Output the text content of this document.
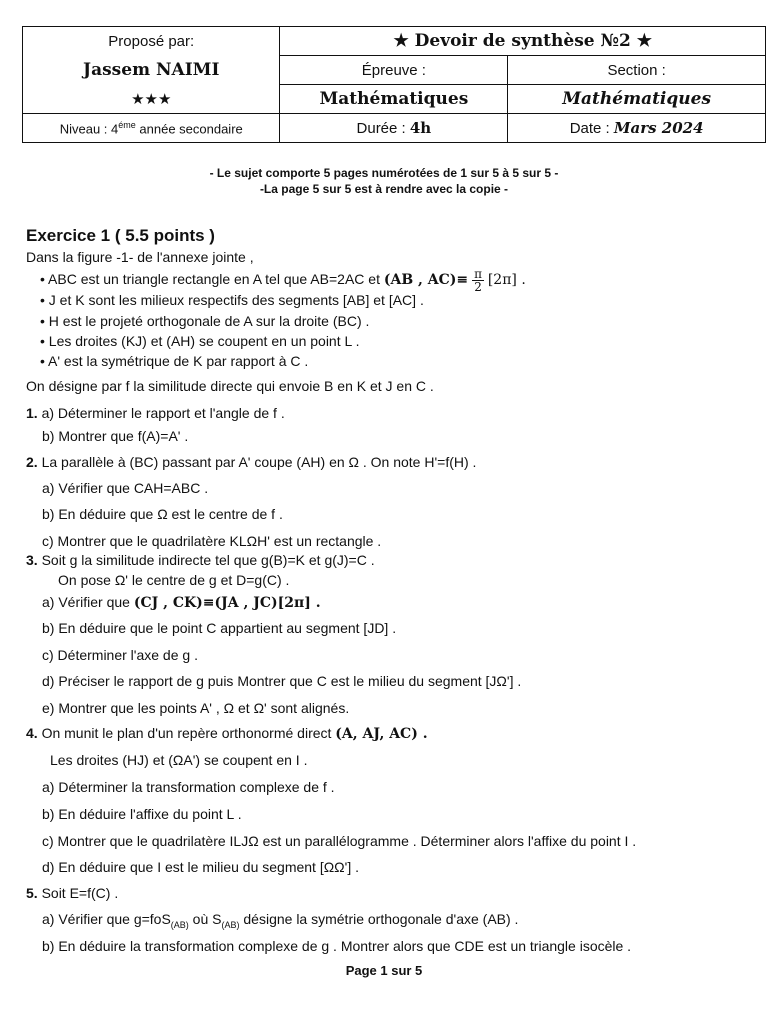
Proposé par:	★ Devoir de synthèse №2 ★	
Jassem NAIMI	Épreuve :	Section :
★★★	Mathématiques	Mathématiques
Niveau : $4^{éme}$ année secondaire	Durée : 4h	Date : Mars 2024
- Le sujet comporte 5 pages numérotées de 1 sur 5 à 5 sur 5 -
-La page 5 sur 5 est à rendre avec la copie -
Exercice 1 ( 5.5 points )
Dans la figure -1- de l'annexe jointe ,
• ABC est un triangle rectangle en A tel que AB=2AC et (AB , $AC)\equiv \frac{\pi}{2} [2\pi]$ .
• J et K sont les milieux respectifs des segments [AB] et [AC] .
• H est le projeté orthogonale de A sur la droite (BC) .
• Les droites (KJ) et (AH) se coupent en un point L .
• A' est la symétrique de K par rapport à C .
On désigne par f la similitude directe qui envoie B en K et J en C .
1. a) Déterminer le rapport et l'angle de f .
b) Montrer que f(A)=A' .
2. La parallèle à (BC) passant par A' coupe (AH) en Ω . On note H'=f(H) .
a) Vérifier que CAH=ABC .
b) En déduire que Ω est le centre de f .
c) Montrer que le quadrilatère KLΩH' est un rectangle .
3. Soit g la similitude indirecte tel que g(B)=K et g(J)=C .
On pose Ω' le centre de g et D=g(C) .
a) Vérifier que (CJ , CK)≡(JA , JC)[2π] .
b) En déduire que le point C appartient au segment [JD] .
c) Déterminer l'axe de g .
d) Préciser le rapport de g puis Montrer que C est le milieu du segment [JΩ'] .
e) Montrer que les points A' , Ω et Ω' sont alignés.
4. On munit le plan d'un repère orthonormé direct (A, AJ, AC) .
Les droites (HJ) et (ΩA') se coupent en I .
a) Déterminer la transformation complexe de f .
b) En déduire l'affixe du point L .
c) Montrer que le quadrilatère ILJΩ est un parallélogramme . Déterminer alors l'affixe du point I .
d) En déduire que I est le milieu du segment [ΩΩ'] .
5. Soit E=f(C) .
a) Vérifier que g=foS$_{(AB)}$ où $S_{(AB)}$ désigne la symétrie orthogonale d'axe (AB) .
b) En déduire la transformation complexe de g . Montrer alors que CDE est un triangle isocèle .
Page 1 sur 5
